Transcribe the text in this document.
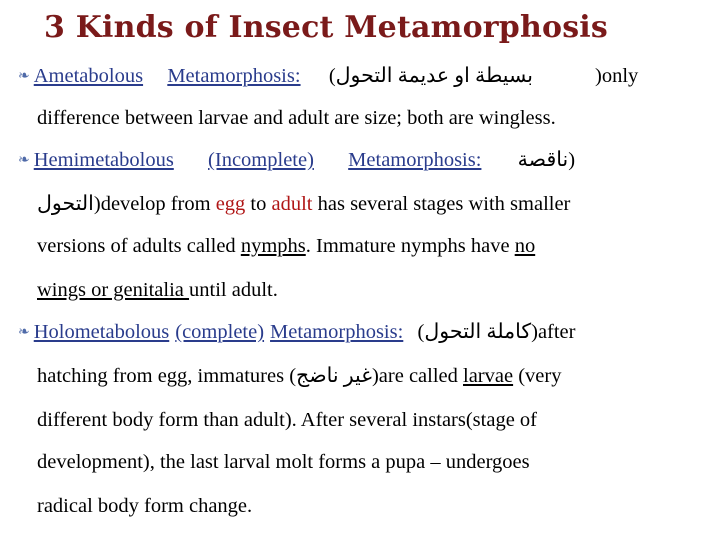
3 Kinds of Insect Metamorphosis
❧ Ametabolous Metamorphosis: (بسيطة او عديمة التحول	)only
difference between larvae and adult are size; both are wingless.
❧ Hemimetabolous (Incomplete) Metamorphosis: (ناقصة
(التحولdevelop from egg to adult has several stages with smaller
versions of adults called nymphs. Immature nymphs have no
wings or genitalia until adult.
❧ Holometabolous (complete) Metamorphosis: (كاملة التحول)after
hatching from egg, immatures (غير ناضج)are called larvae (very
different body form than adult). After several instars(stage of
development), the last larval molt forms a pupa – undergoes
radical body form change.
